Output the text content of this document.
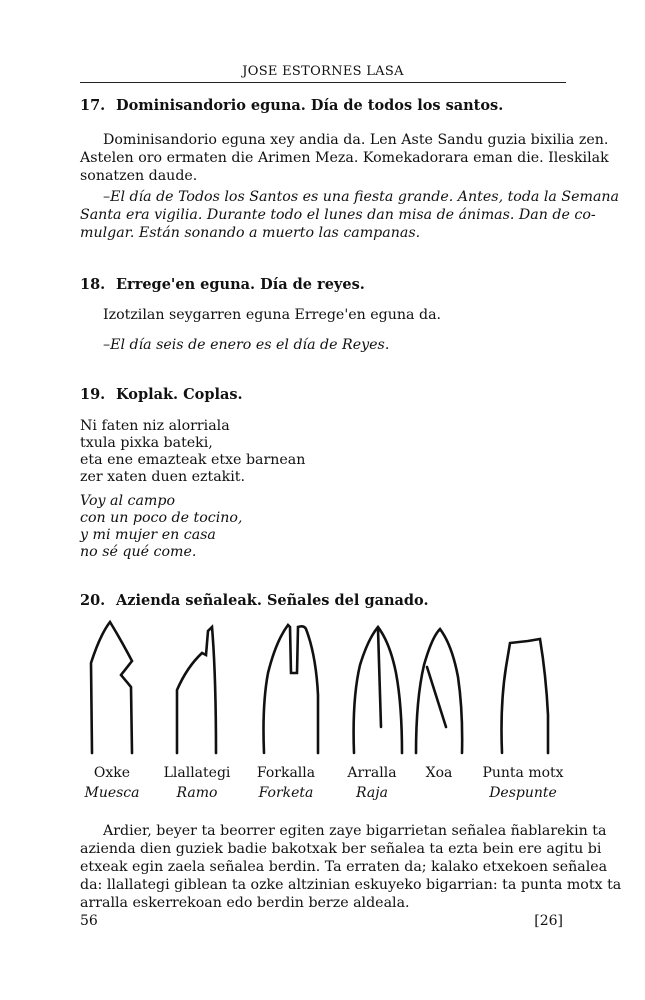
JOSE ESTORNES LASA
17. Dominisandorio eguna. Día de todos los santos.
Dominisandorio eguna xey andia da. Len Aste Sandu guzia bixilia zen.
Astelen oro ermaten die Arimen Meza. Komekadorara eman die. Ileskilak
sonatzen daude.
–El día de Todos los Santos es una fiesta grande. Antes, toda la Semana
Santa era vigilia. Durante todo el lunes dan misa de ánimas. Dan de co-
mulgar. Están sonando a muerto las campanas.
18. Errege'en eguna. Día de reyes.
Izotzilan seygarren eguna Errege'en eguna da.
–El día seis de enero es el día de Reyes.
19. Koplak. Coplas.
Ni faten niz alorriala
txula pixka bateki,
eta ene emazteak etxe barnean
zer xaten duen eztakit.
Voy al campo
con un poco de tocino,
y mi mujer en casa
no sé qué come.
20. Azienda señaleak. Señales del ganado.
Oxke
Muesca
Llallategi
Ramo
Forkalla
Forketa
Arralla
Raja
Xoa	Punta motx
Despunte
Ardier, beyer ta beorrer egiten zaye bigarrietan señalea ñablarekin ta
azienda dien guziek badie bakotxak ber señalea ta ezta bein ere agitu bi
etxeak egin zaela señalea berdin. Ta erraten da; kalako etxekoen señalea
da: llallategi giblean ta ozke altzinian eskuyeko bigarrian: ta punta motx ta
arralla eskerrekoan edo berdin berze aldeala.
56	[26]
